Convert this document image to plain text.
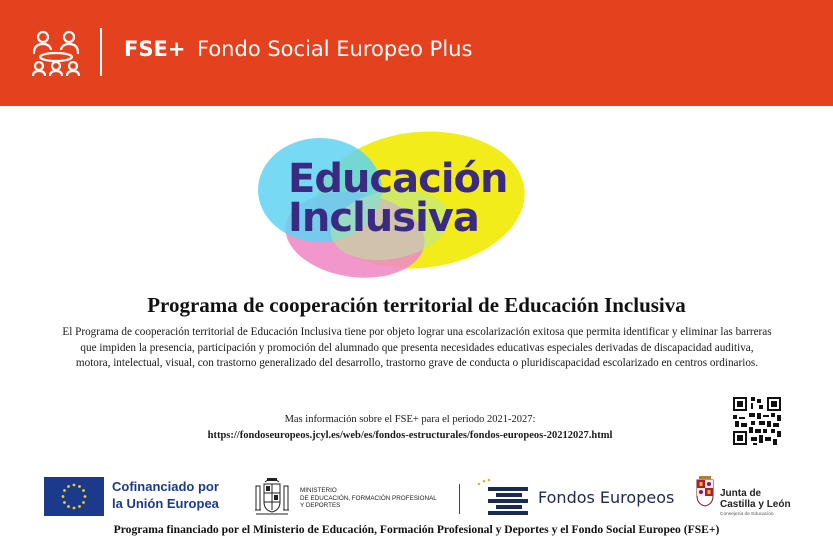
FSE+ Fondo Social Europeo Plus
Educación
Inclusiva
Programa de cooperación territorial de Educación Inclusiva
El Programa de cooperación territorial de Educación Inclusiva tiene por objeto lograr una escolarización exitosa que permita identificar y eliminar las barreras que impiden la presencia, participación y promoción del alumnado que presenta necesidades educativas especiales derivadas de discapacidad auditiva, motora, intelectual, visual, con trastorno generalizado del desarrollo, trastorno grave de conducta o pluridiscapacidad escolarizado en centros ordinarios.
Mas información sobre el FSE+ para el periodo 2021-2027:
https://fondoseuropeos.jcyl.es/web/es/fondos-estructurales/fondos-europeos-20212027.html
Cofinanciado por
la Unión Europea
MINISTERIO
DE EDUCACIÓN, FORMACIÓN PROFESIONAL
Y DEPORTES	Fondos Europeos	Junta de
Castilla y León
Consejería de Educación
Programa financiado por el Ministerio de Educación, Formación Profesional y Deportes y el Fondo Social Europeo (FSE+)
